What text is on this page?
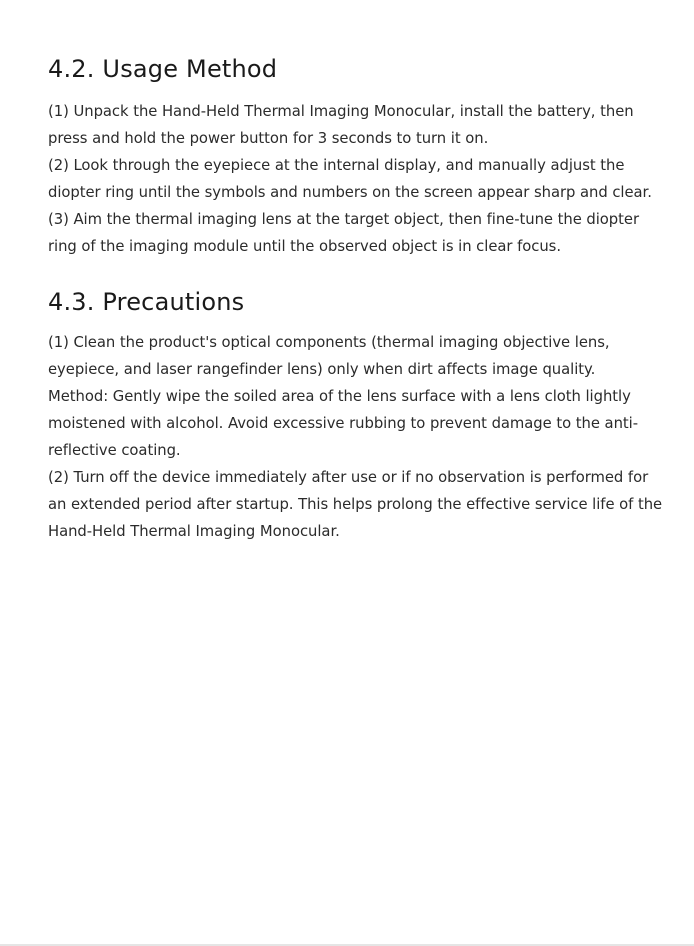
4.2. Usage Method

(1) Unpack the Hand-Held Thermal Imaging Monocular, install the battery, then press and hold the power button for 3 seconds to turn it on.

(2) Look through the eyepiece at the internal display, and manually adjust the diopter ring until the symbols and numbers on the screen appear sharp and clear.

(3) Aim the thermal imaging lens at the target object, then fine-tune the diopter ring of the imaging module until the observed object is in clear focus.

4.3. Precautions

(1) Clean the product's optical components (thermal imaging objective lens, eyepiece, and laser rangefinder lens) only when dirt affects image quality.

Method: Gently wipe the soiled area of the lens surface with a lens cloth lightly moistened with alcohol. Avoid excessive rubbing to prevent damage to the anti-reflective coating.

(2) Turn off the device immediately after use or if no observation is performed for an extended period after startup. This helps prolong the effective service life of the Hand-Held Thermal Imaging Monocular.
